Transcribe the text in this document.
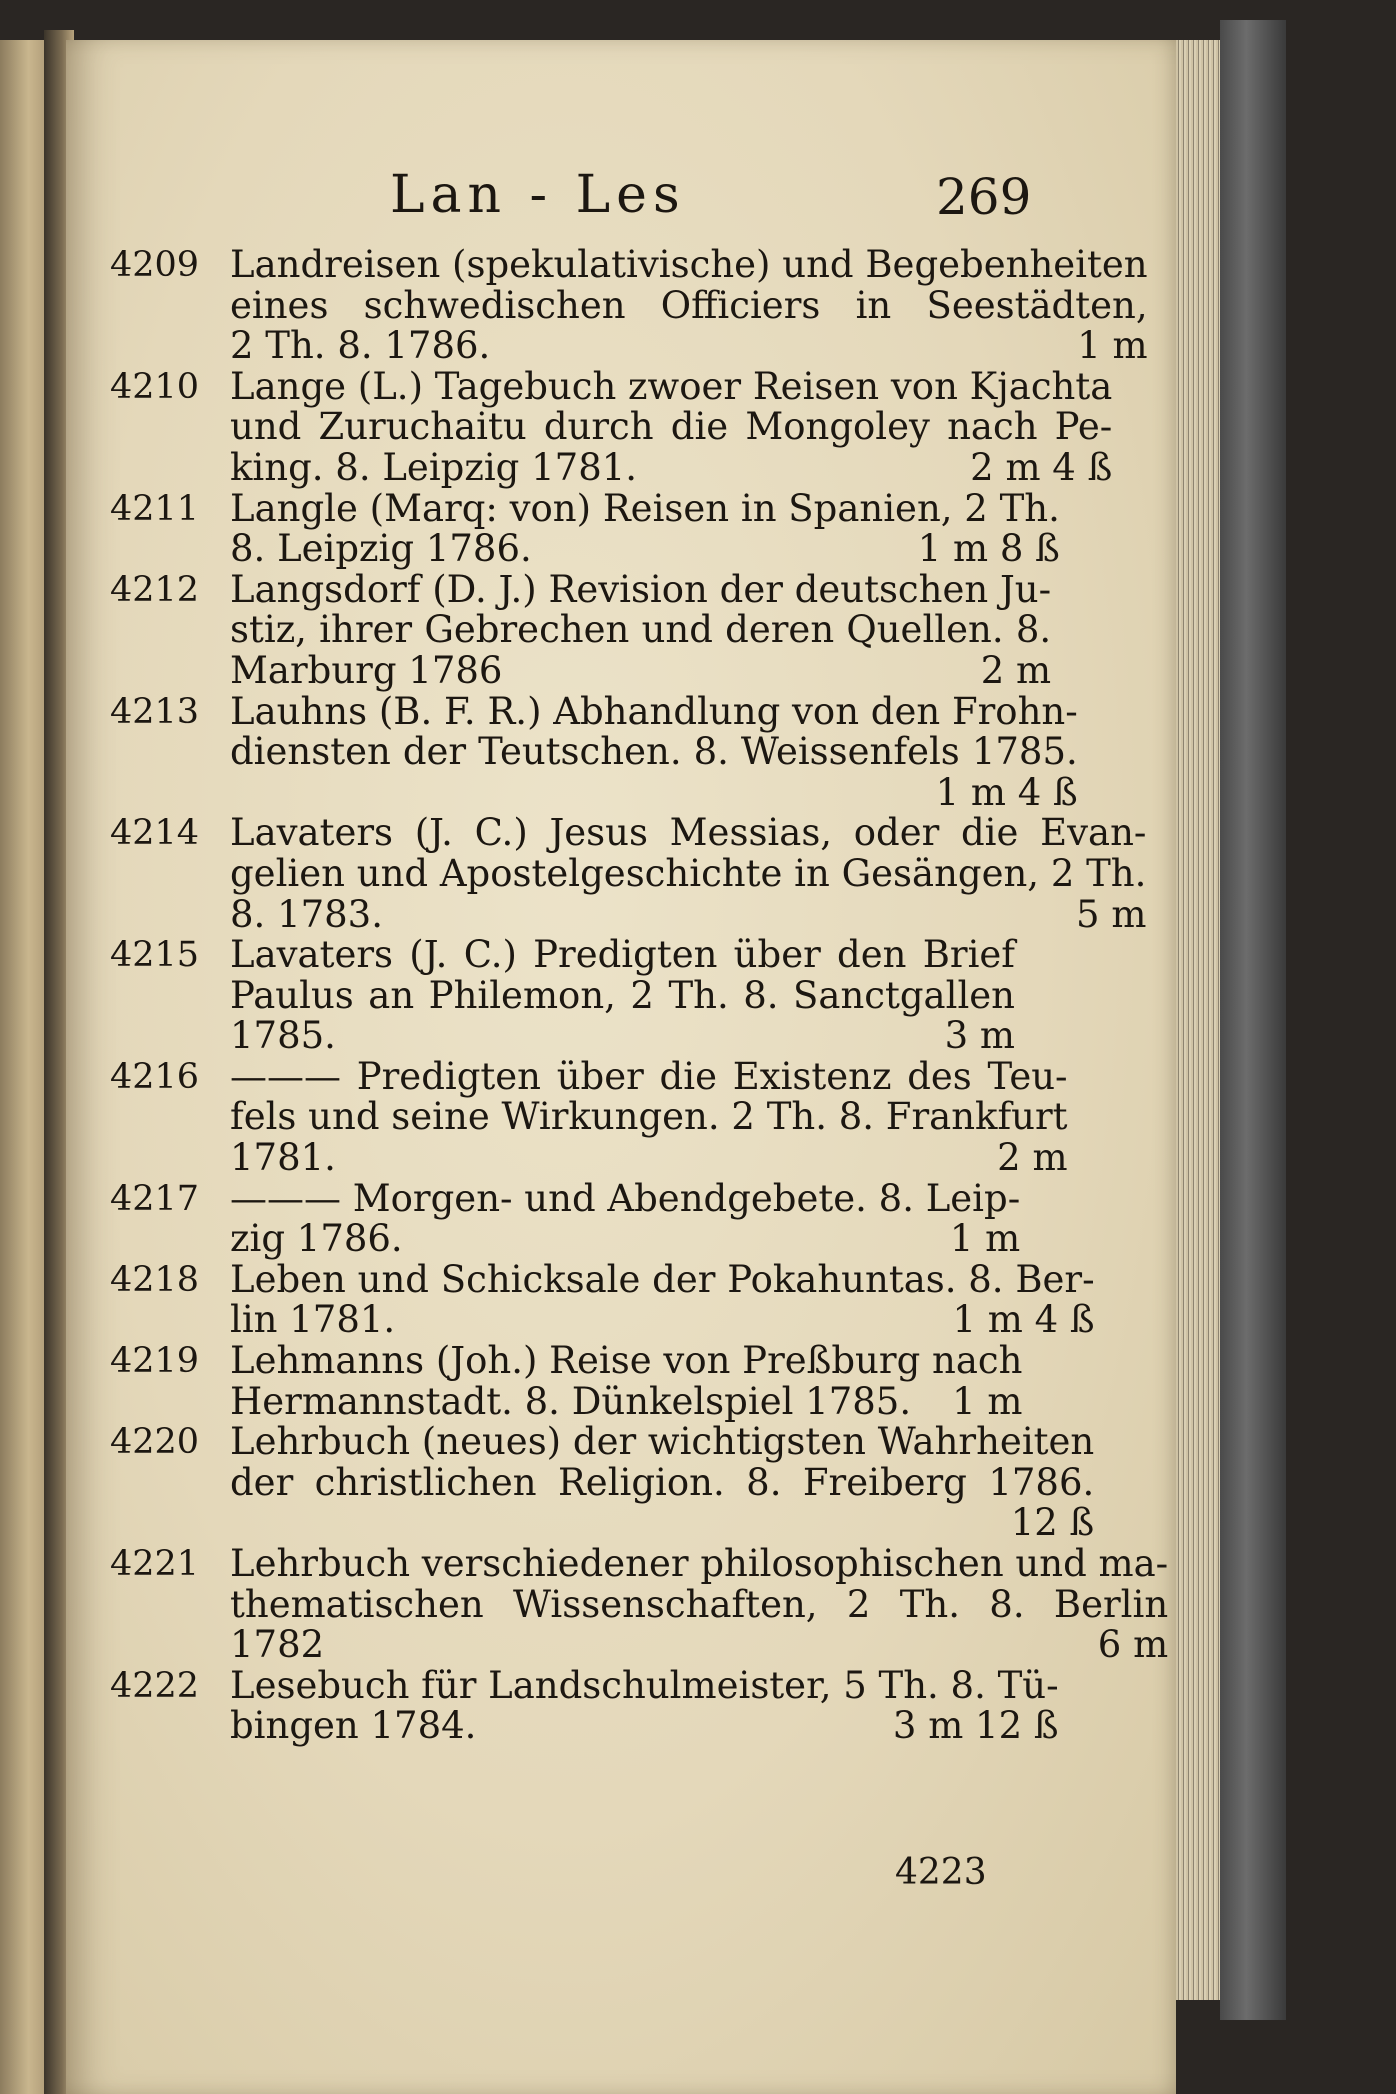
Lan - Les	269
4209 Landreisen (spekulativische) und Begebenheiten
eines schwedischen Officiers in Seestädten,
2 Th. 8. 1786.	1 m
4210 Lange (L.) Tagebuch zwoer Reisen von Kjachta
und Zuruchaitu durch die Mongoley nach Pe-
king. 8. Leipzig 1781.	2 m 4 ß
4211 Langle (Marq: von) Reisen in Spanien, 2 Th.
8. Leipzig 1786.	1 m 8 ß
4212 Langsdorf (D. J.) Revision der deutschen Ju-
stiz, ihrer Gebrechen und deren Quellen. 8.
Marburg 1786	2 m
4213 Lauhns (B. F. R.) Abhandlung von den Frohn-
diensten der Teutschen. 8. Weissenfels 1785.
1 m 4 ß
4214 Lavaters (J. C.) Jesus Messias, oder die Evan-
gelien und Apostelgeschichte in Gesängen, 2 Th.
8. 1783.	5 m
4215 Lavaters (J. C.) Predigten über den Brief
Paulus an Philemon, 2 Th. 8. Sanctgallen
1785.	3 m
4216 ——— Predigten über die Existenz des Teu-
fels und seine Wirkungen. 2 Th. 8. Frankfurt
1781.	2 m
4217 ——— Morgen- und Abendgebete. 8. Leip-
zig 1786.	1 m
4218 Leben und Schicksale der Pokahuntas. 8. Ber-
lin 1781.	1 m 4 ß
4219 Lehmanns (Joh.) Reise von Preßburg nach
Hermannstadt. 8. Dünkelspiel 1785. 1 m
4220 Lehrbuch (neues) der wichtigsten Wahrheiten
der christlichen Religion. 8. Freiberg 1786.
12 ß
4221 Lehrbuch verschiedener philosophischen und ma-
thematischen Wissenschaften, 2 Th. 8. Berlin
1782	6 m
4222 Lesebuch für Landschulmeister, 5 Th. 8. Tü-
bingen 1784.	3 m 12 ß
4223
